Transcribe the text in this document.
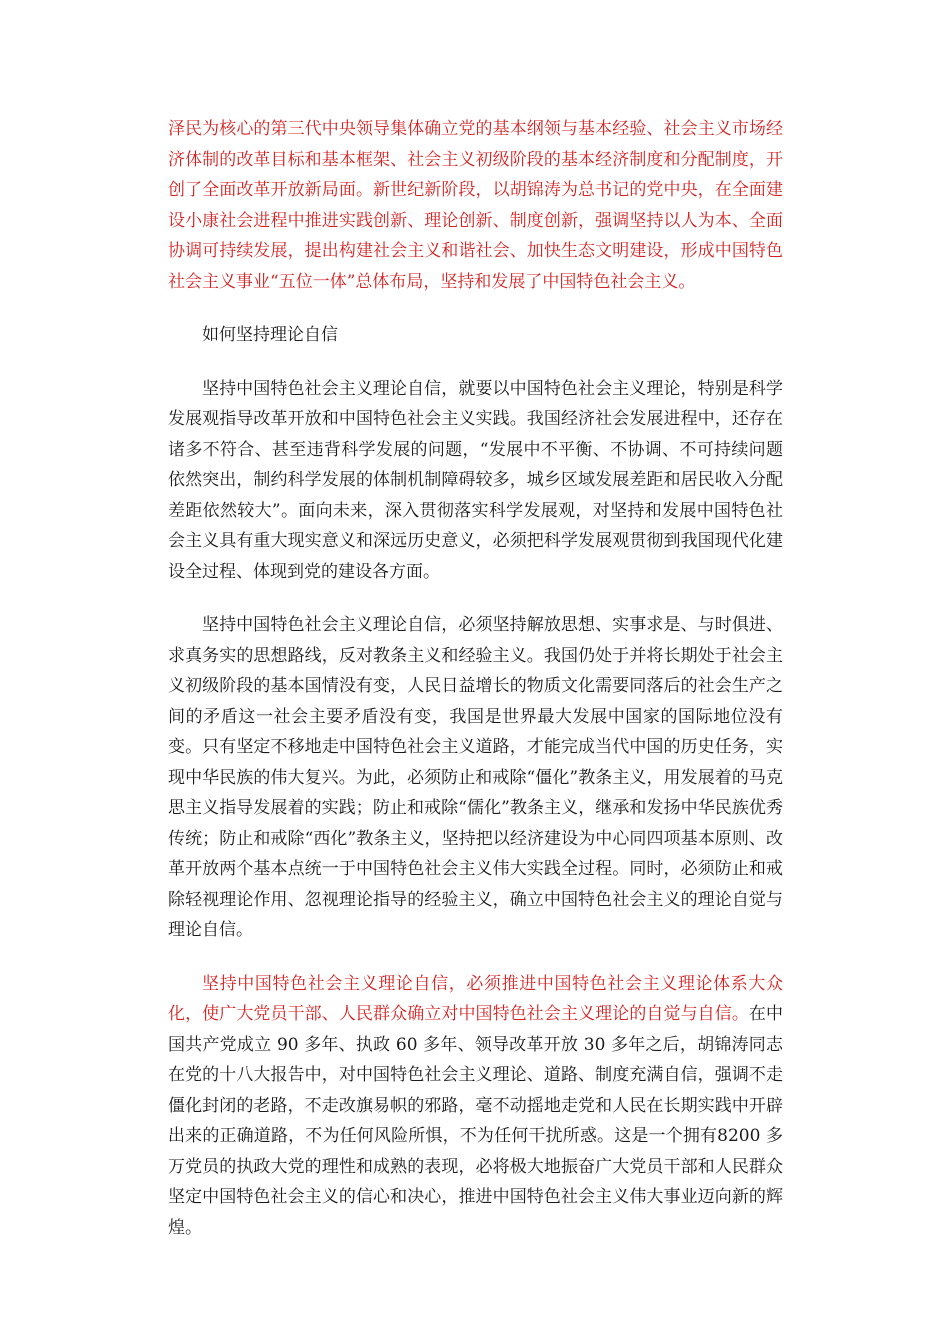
泽民为核心的第三代中央领导集体确立党的基本纲领与基本经验、社会主义市场经济体制的改革目标和基本框架、社会主义初级阶段的基本经济制度和分配制度，开创了全面改革开放新局面。新世纪新阶段，以胡锦涛为总书记的党中央，在全面建设小康社会进程中推进实践创新、理论创新、制度创新，强调坚持以人为本、全面协调可持续发展，提出构建社会主义和谐社会、加快生态文明建设，形成中国特色社会主义事业“五位一体”总体布局，坚持和发展了中国特色社会主义。

如何坚持理论自信

坚持中国特色社会主义理论自信，就要以中国特色社会主义理论，特别是科学发展观指导改革开放和中国特色社会主义实践。我国经济社会发展进程中，还存在诸多不符合、甚至违背科学发展的问题，“发展中不平衡、不协调、不可持续问题依然突出，制约科学发展的体制机制障碍较多，城乡区域发展差距和居民收入分配差距依然较大”。面向未来，深入贯彻落实科学发展观，对坚持和发展中国特色社会主义具有重大现实意义和深远历史意义，必须把科学发展观贯彻到我国现代化建设全过程、体现到党的建设各方面。

坚持中国特色社会主义理论自信，必须坚持解放思想、实事求是、与时俱进、求真务实的思想路线，反对教条主义和经验主义。我国仍处于并将长期处于社会主义初级阶段的基本国情没有变，人民日益增长的物质文化需要同落后的社会生产之间的矛盾这一社会主要矛盾没有变，我国是世界最大发展中国家的国际地位没有变。只有坚定不移地走中国特色社会主义道路，才能完成当代中国的历史任务，实现中华民族的伟大复兴。为此，必须防止和戒除“僵化”教条主义，用发展着的马克思主义指导发展着的实践；防止和戒除“儒化”教条主义，继承和发扬中华民族优秀传统；防止和戒除“西化”教条主义，坚持把以经济建设为中心同四项基本原则、改革开放两个基本点统一于中国特色社会主义伟大实践全过程。同时，必须防止和戒除轻视理论作用、忽视理论指导的经验主义，确立中国特色社会主义的理论自觉与理论自信。

坚持中国特色社会主义理论自信，必须推进中国特色社会主义理论体系大众化，使广大党员干部、人民群众确立对中国特色社会主义理论的自觉与自信。在中国共产党成立 90 多年、执政 60 多年、领导改革开放 30 多年之后，胡锦涛同志在党的十八大报告中，对中国特色社会主义理论、道路、制度充满自信，强调不走僵化封闭的老路，不走改旗易帜的邪路，毫不动摇地走党和人民在长期实践中开辟出来的正确道路，不为任何风险所惧，不为任何干扰所惑。这是一个拥有8200 多万党员的执政大党的理性和成熟的表现，必将极大地振奋广大党员干部和人民群众坚定中国特色社会主义的信心和决心，推进中国特色社会主义伟大事业迈向新的辉煌。
